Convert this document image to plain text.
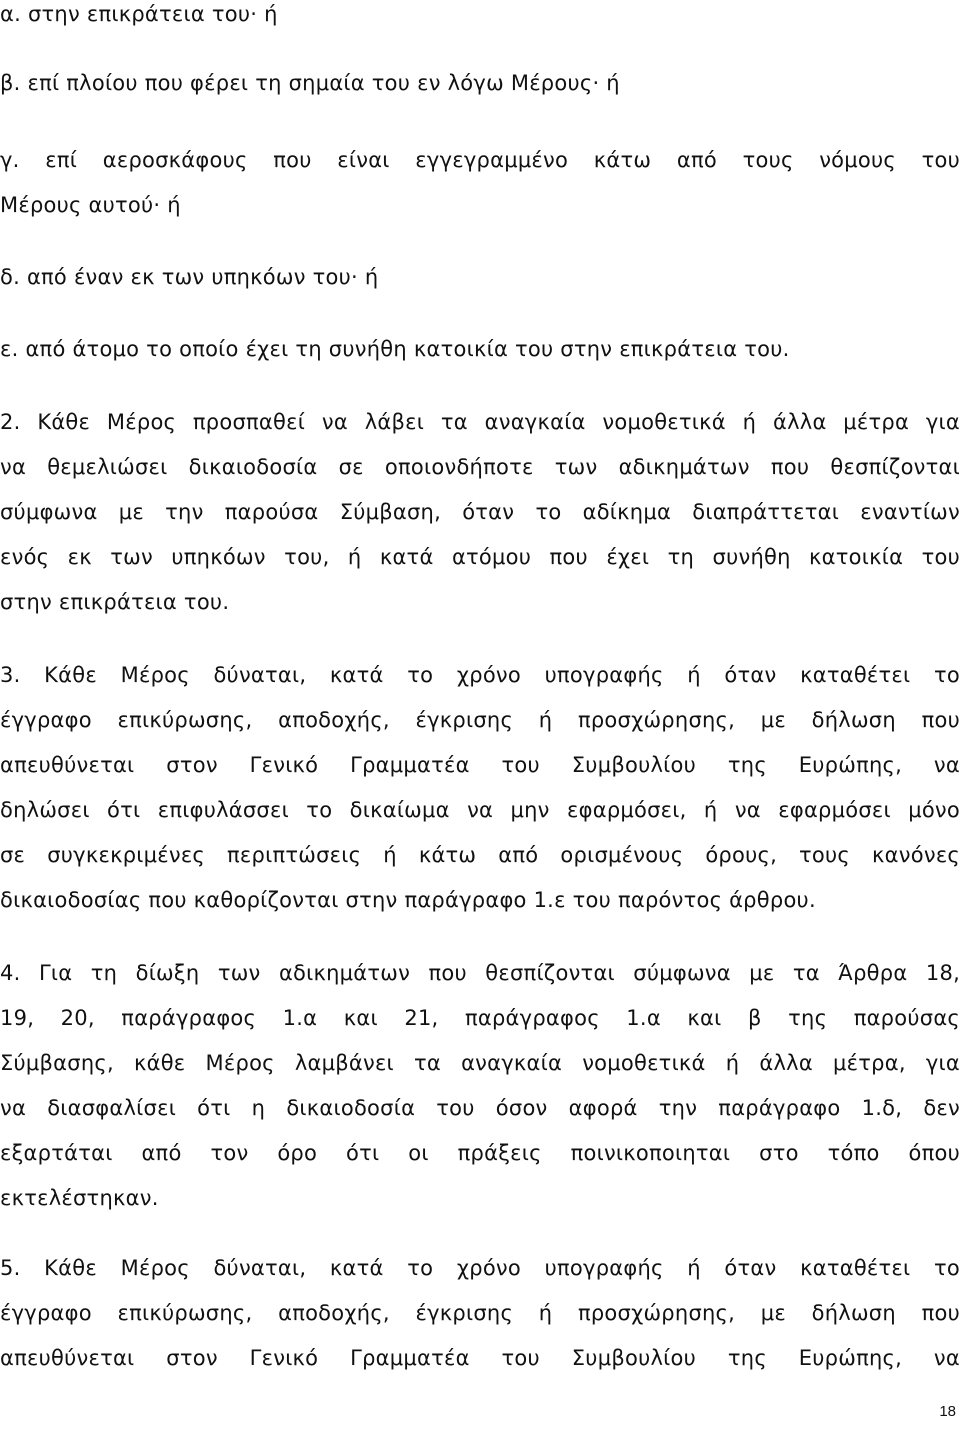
α. στην επικράτεια του· ή
β. επί πλοίου που φέρει τη σημαία του εν λόγω Μέρους· ή
γ. επί αεροσκάφους που είναι εγγεγραμμένο κάτω από τους νόμους του
Μέρους αυτού· ή
δ. από έναν εκ των υπηκόων του· ή
ε. από άτομο το οποίο έχει τη συνήθη κατοικία του στην επικράτεια του.
2. Κάθε Μέρος προσπαθεί να λάβει τα αναγκαία νομοθετικά ή άλλα μέτρα για
να θεμελιώσει δικαιοδοσία σε οποιονδήποτε των αδικημάτων που θεσπίζονται
σύμφωνα με την παρούσα Σύμβαση, όταν το αδίκημα διαπράττεται εναντίων
ενός εκ των υπηκόων του, ή κατά ατόμου που έχει τη συνήθη κατοικία του
στην επικράτεια του.
3. Κάθε Μέρος δύναται, κατά το χρόνο υπογραφής ή όταν καταθέτει το
έγγραφο επικύρωσης, αποδοχής, έγκρισης ή προσχώρησης, με δήλωση που
απευθύνεται στον Γενικό Γραμματέα του Συμβουλίου της Ευρώπης, να
δηλώσει ότι επιφυλάσσει το δικαίωμα να μην εφαρμόσει, ή να εφαρμόσει μόνο
σε συγκεκριμένες περιπτώσεις ή κάτω από ορισμένους όρους, τους κανόνες
δικαιοδοσίας που καθορίζονται στην παράγραφο 1.ε του παρόντος άρθρου.
4. Για τη δίωξη των αδικημάτων που θεσπίζονται σύμφωνα με τα Άρθρα 18,
19, 20, παράγραφος 1.α και 21, παράγραφος 1.α και β της παρούσας
Σύμβασης, κάθε Μέρος λαμβάνει τα αναγκαία νομοθετικά ή άλλα μέτρα, για
να διασφαλίσει ότι η δικαιοδοσία του όσον αφορά την παράγραφο 1.δ, δεν
εξαρτάται από τον όρο ότι οι πράξεις ποινικοποιηται στο τόπο όπου
εκτελέστηκαν.
5. Κάθε Μέρος δύναται, κατά το χρόνο υπογραφής ή όταν καταθέτει το
έγγραφο επικύρωσης, αποδοχής, έγκρισης ή προσχώρησης, με δήλωση που
απευθύνεται στον Γενικό Γραμματέα του Συμβουλίου της Ευρώπης, να
18
